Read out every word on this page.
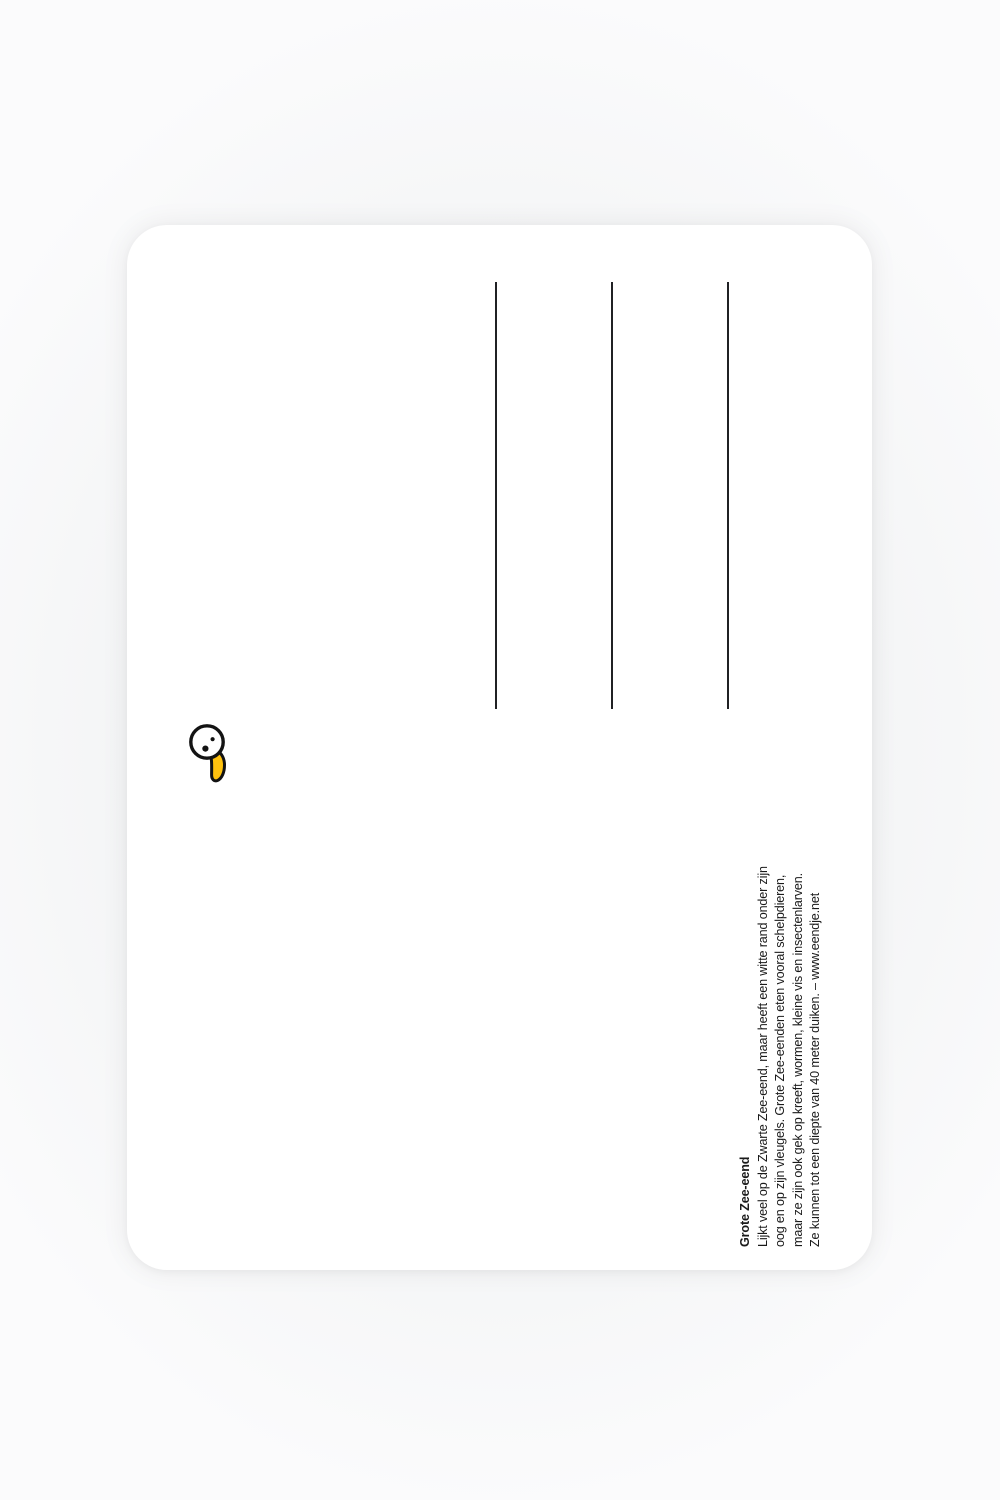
Grote Zee-eend Lijkt veel op de Zwarte Zee-eend, maar heeft een witte rand onder zijn oog en op zijn vleugels. Grote Zee-eenden eten vooral schelpdieren, maar ze zijn ook gek op kreeft, wormen, kleine vis en insectenlarven. Ze kunnen tot een diepte van 40 meter duiken. – www.eendje.net
